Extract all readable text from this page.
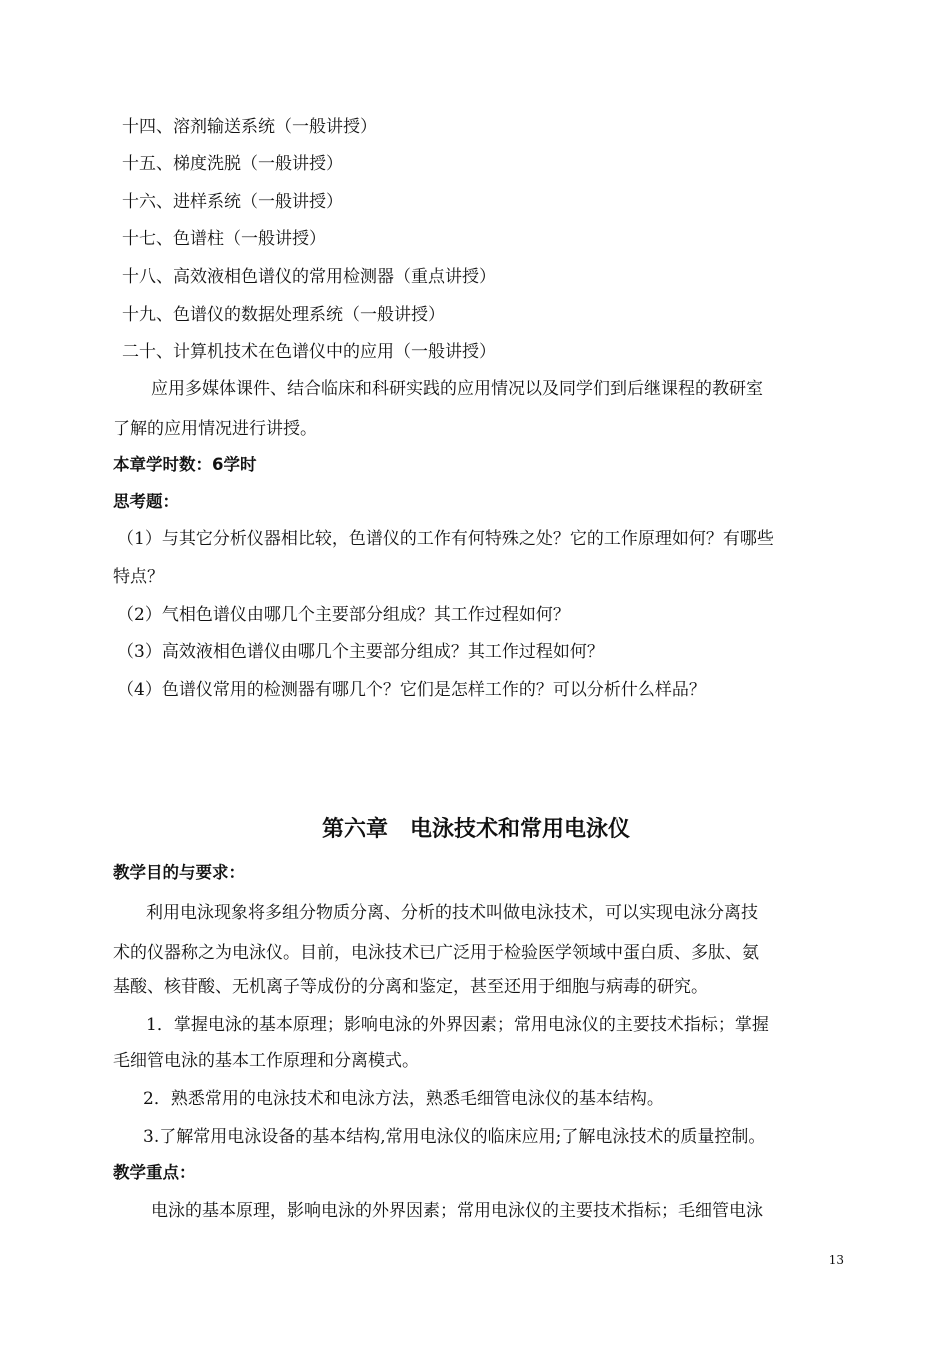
十四、溶剂输送系统（一般讲授）
十五、梯度洗脱（一般讲授）
十六、进样系统（一般讲授）
十七、色谱柱（一般讲授）
十八、高效液相色谱仪的常用检测器（重点讲授）
十九、色谱仪的数据处理系统（一般讲授）
二十、计算机技术在色谱仪中的应用（一般讲授）
应用多媒体课件、结合临床和科研实践的应用情况以及同学们到后继课程的教研室
了解的应用情况进行讲授。
本章学时数：6学时
思考题：
（1）与其它分析仪器相比较，色谱仪的工作有何特殊之处？它的工作原理如何？有哪些
特点？
（2）气相色谱仪由哪几个主要部分组成？其工作过程如何？
（3）高效液相色谱仪由哪几个主要部分组成？其工作过程如何？
（4）色谱仪常用的检测器有哪几个？它们是怎样工作的？可以分析什么样品？
第六章　电泳技术和常用电泳仪
教学目的与要求：
利用电泳现象将多组分物质分离、分析的技术叫做电泳技术，可以实现电泳分离技
术的仪器称之为电泳仪。目前，电泳技术已广泛用于检验医学领域中蛋白质、多肽、氨
基酸、核苷酸、无机离子等成份的分离和鉴定，甚至还用于细胞与病毒的研究。
1．掌握电泳的基本原理；影响电泳的外界因素；常用电泳仪的主要技术指标；掌握
毛细管电泳的基本工作原理和分离模式。
2．熟悉常用的电泳技术和电泳方法，熟悉毛细管电泳仪的基本结构。
3.了解常用电泳设备的基本结构,常用电泳仪的临床应用;了解电泳技术的质量控制。
教学重点：
电泳的基本原理，影响电泳的外界因素；常用电泳仪的主要技术指标；毛细管电泳
13
